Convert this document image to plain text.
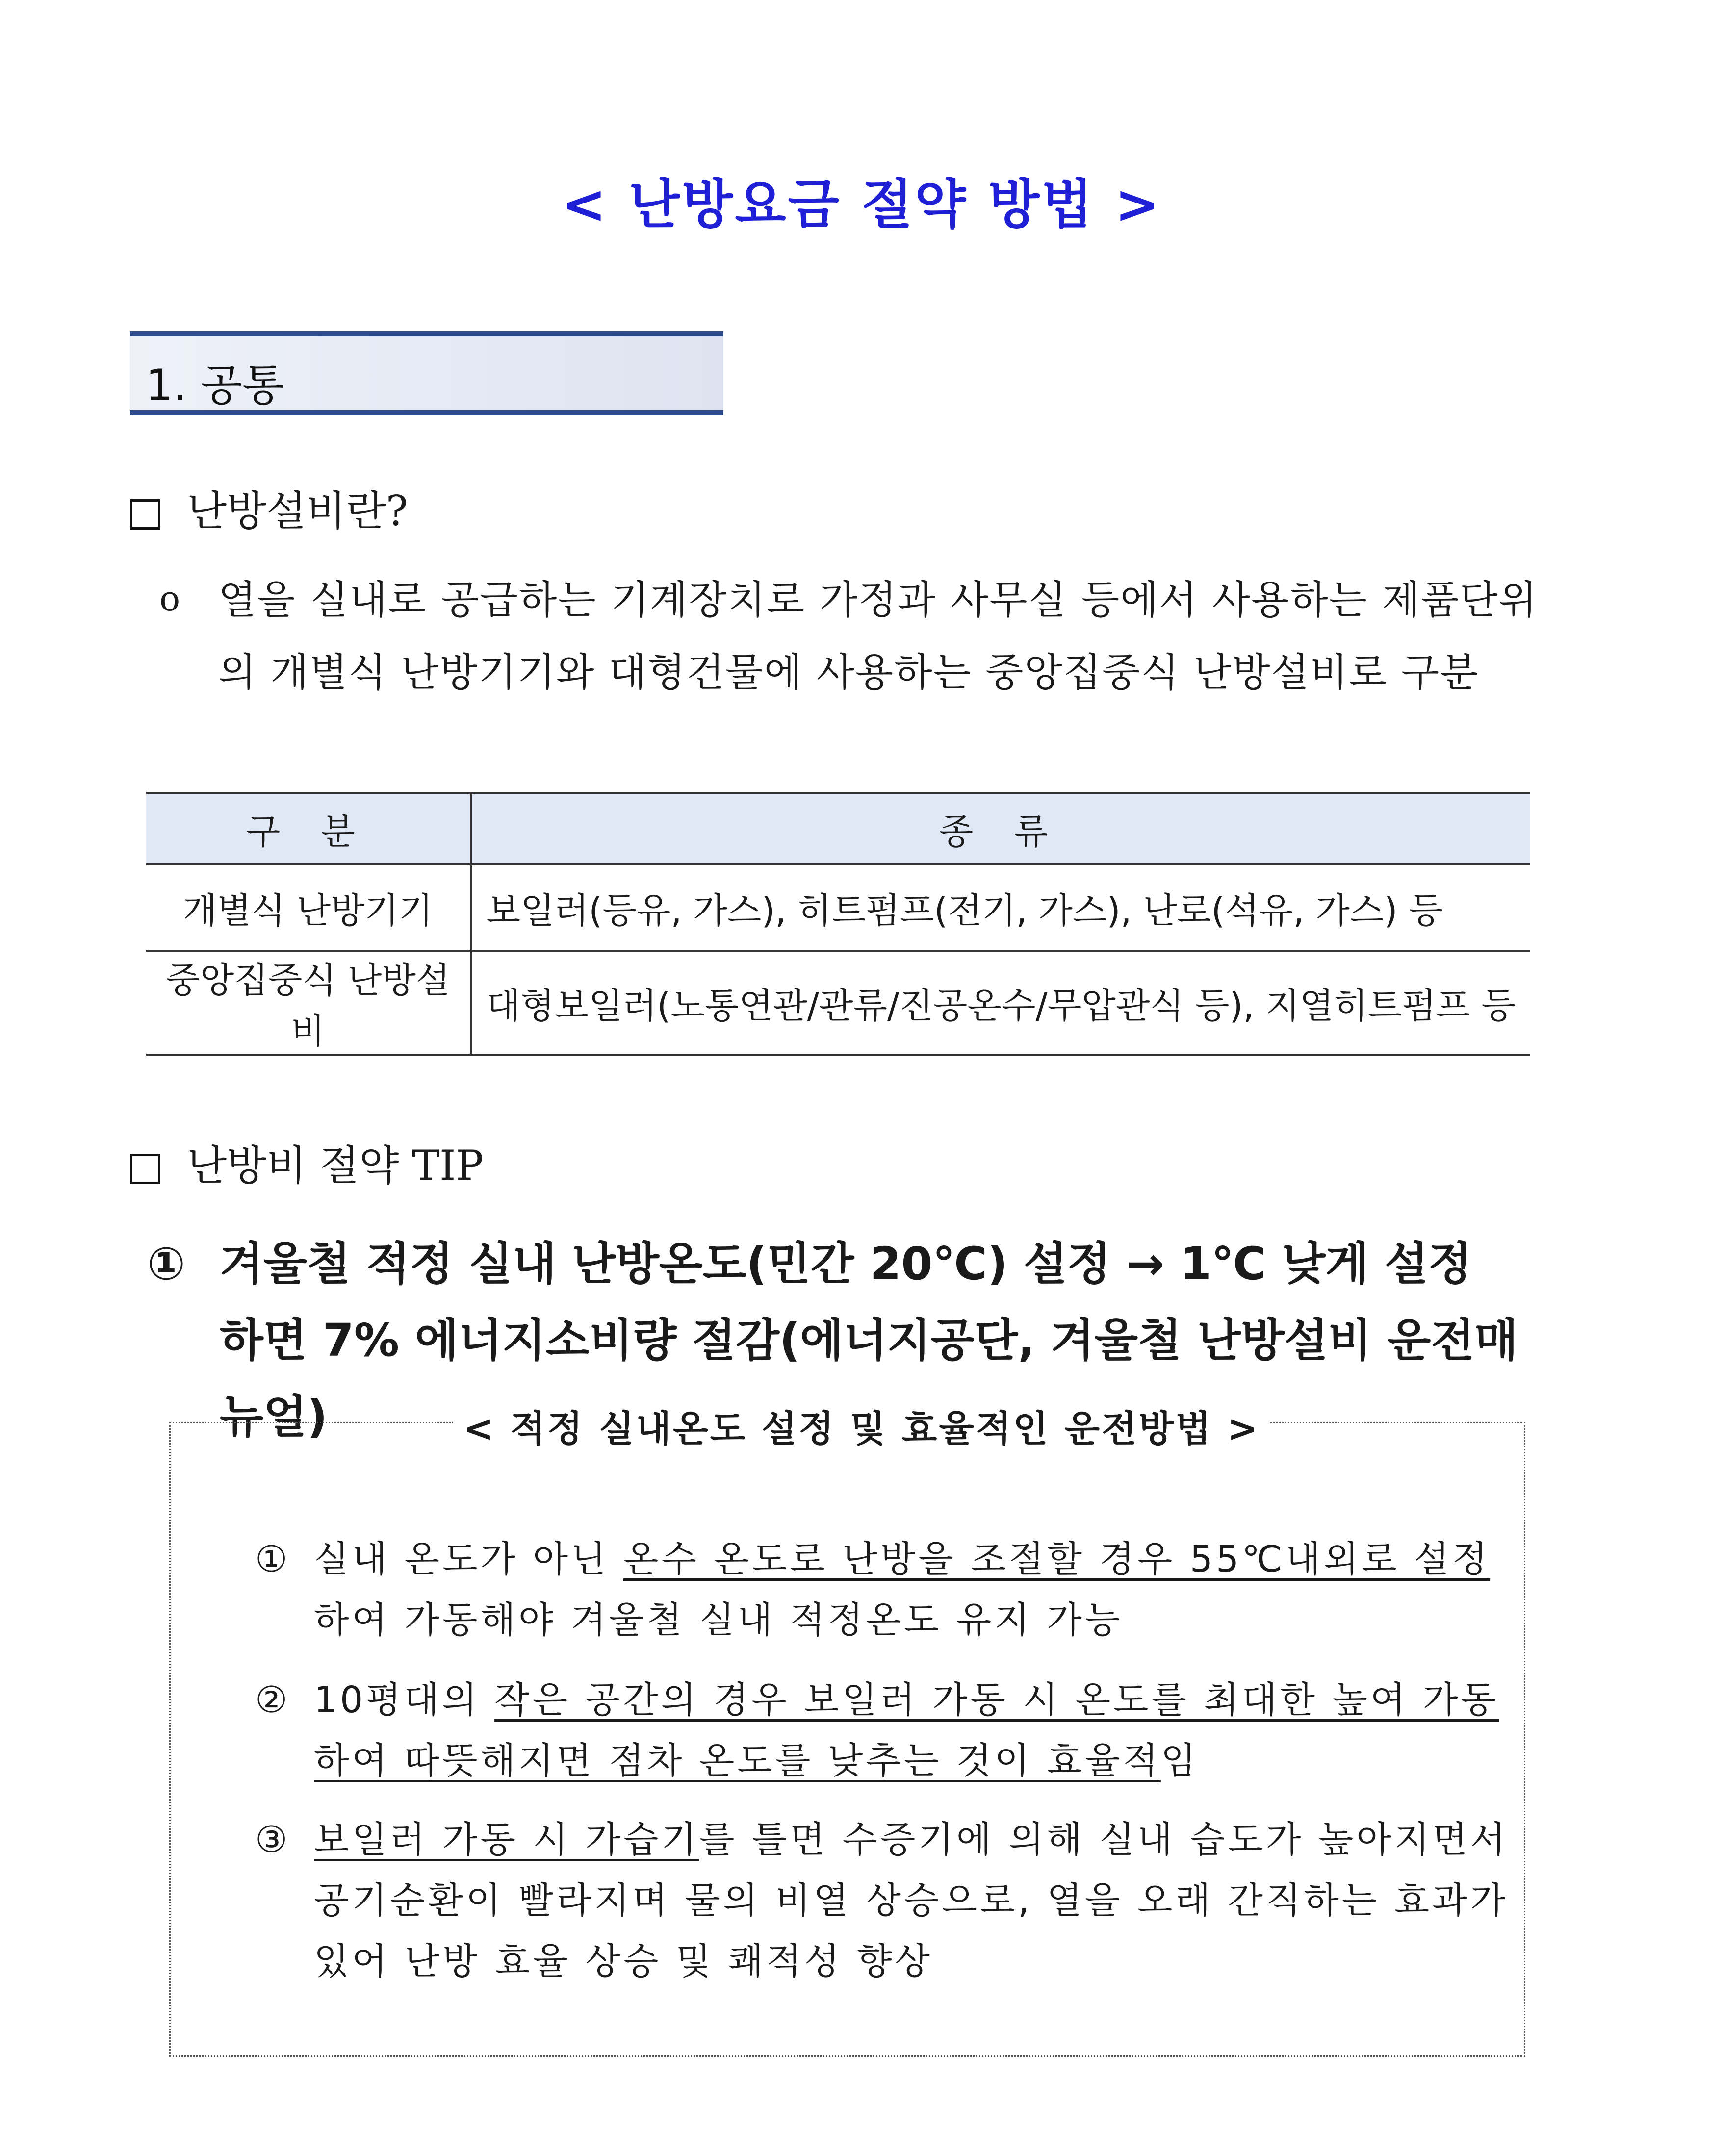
< 난방요금 절약 방법 >
1. 공통
난방설비란?
o 열을 실내로 공급하는 기계장치로 가정과 사무실 등에서 사용하는 제품단위의 개별식 난방기기와 대형건물에 사용하는 중앙집중식 난방설비로 구분
구 분	종 류
개별식 난방기기	보일러(등유, 가스), 히트펌프(전기, 가스), 난로(석유, 가스) 등
중앙집중식 난방설비	대형보일러(노통연관/관류/진공온수/무압관식 등), 지열히트펌프 등
난방비 절약 TIP
① 겨울철 적정 실내 난방온도(민간 20℃) 설정 → 1℃ 낮게 설정
하면 7% 에너지소비량 절감(에너지공단, 겨울철 난방설비 운전매뉴얼)	< 적정 실내온도 설정 및 효율적인 운전방법 >
① 실내 온도가 아닌 온수 온도로 난방을 조절할 경우 55℃내외로 설정하여 가동해야 겨울철 실내 적정온도 유지 가능
② 10평대의 작은 공간의 경우 보일러 가동 시 온도를 최대한 높여 가동하여 따뜻해지면 점차 온도를 낮추는 것이 효율적임
③ 보일러 가동 시 가습기를 틀면 수증기에 의해 실내 습도가 높아지면서 공기순환이 빨라지며 물의 비열 상승으로, 열을 오래 간직하는 효과가 있어 난방 효율 상승 및 쾌적성 향상
